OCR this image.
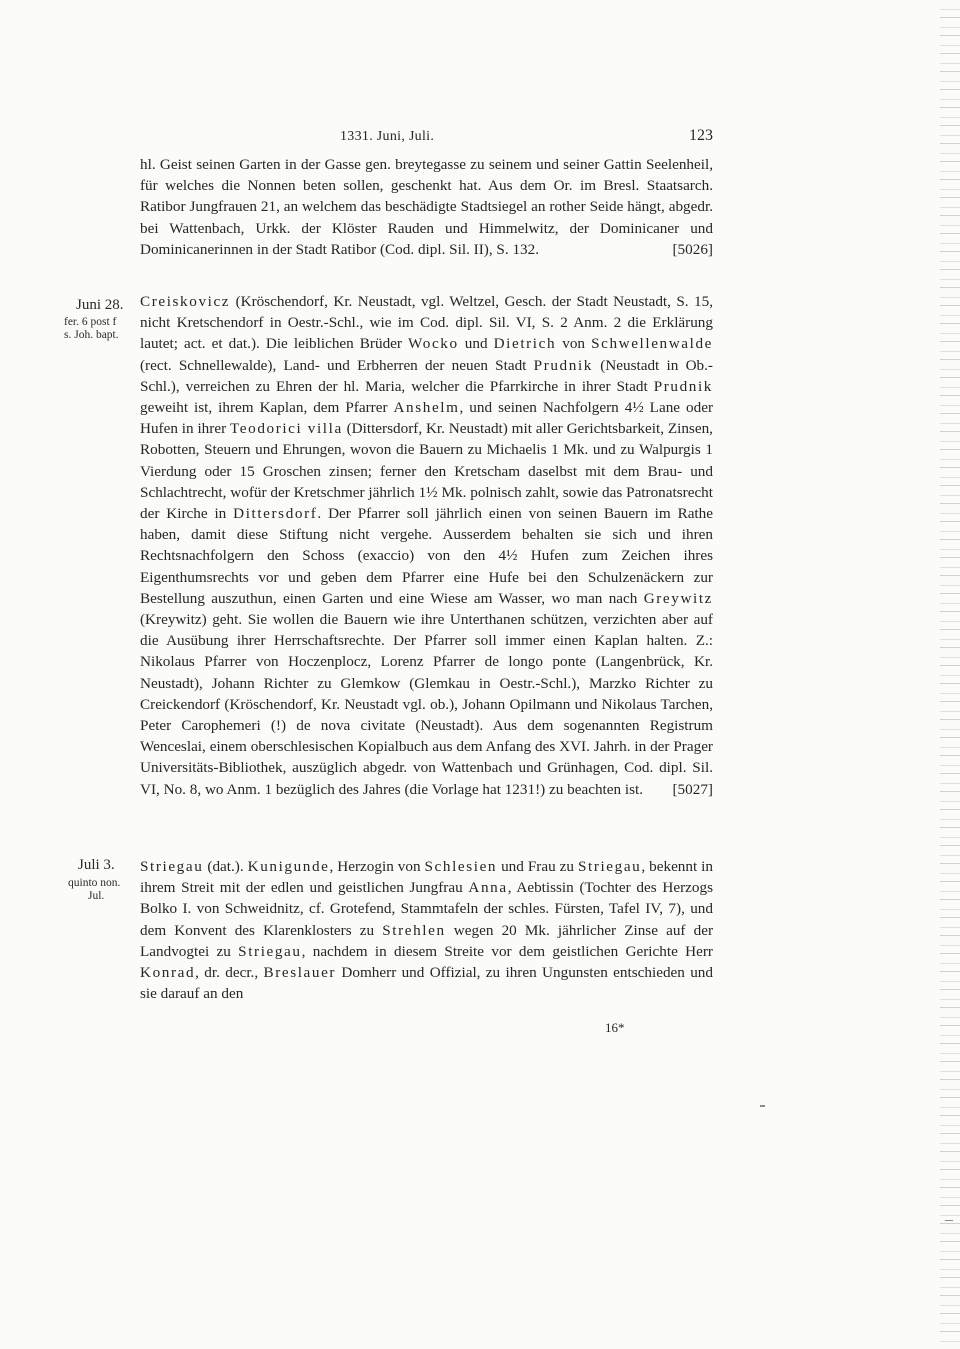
1331. Juni, Juli.	123

hl. Geist seinen Garten in der Gasse gen. breytegasse zu seinem und seiner Gattin Seelenheil, für welches die Nonnen beten sollen, geschenkt hat. Aus dem Or. im Bresl. Staatsarch. Ratibor Jungfrauen 21, an welchem das beschädigte Stadtsiegel an rother Seide hängt, abgedr. bei Wattenbach, Urkk. der Klöster Rauden und Himmelwitz, der Dominicaner und Dominicanerinnen in der Stadt Ratibor (Cod. dipl. Sil. II), S. 132.	[5026]

Juni 28.
fer. 6 post f
s. Joh. bapt.

Creiskovicz (Kröschendorf, Kr. Neustadt, vgl. Weltzel, Gesch. der Stadt Neustadt, S. 15, nicht Kretschendorf in Oestr.-Schl., wie im Cod. dipl. Sil. VI, S. 2 Anm. 2 die Erklärung lautet; act. et dat.). Die leiblichen Brüder Wocko und Dietrich von Schwellenwalde (rect. Schnellewalde), Land- und Erbherren der neuen Stadt Prudnik (Neustadt in Ob.-Schl.), verreichen zu Ehren der hl. Maria, welcher die Pfarrkirche in ihrer Stadt Prudnik geweiht ist, ihrem Kaplan, dem Pfarrer Anshelm, und seinen Nachfolgern 4½ Lane oder Hufen in ihrer Teodorici villa (Dittersdorf, Kr. Neustadt) mit aller Gerichtsbarkeit, Zinsen, Robotten, Steuern und Ehrungen, wovon die Bauern zu Michaelis 1 Mk. und zu Walpurgis 1 Vierdung oder 15 Groschen zinsen; ferner den Kretscham daselbst mit dem Brau- und Schlachtrecht, wofür der Kretschmer jährlich 1½ Mk. polnisch zahlt, sowie das Patronatsrecht der Kirche in Dittersdorf. Der Pfarrer soll jährlich einen von seinen Bauern im Rathe haben, damit diese Stiftung nicht vergehe. Ausserdem behalten sie sich und ihren Rechtsnachfolgern den Schoss (exaccio) von den 4½ Hufen zum Zeichen ihres Eigenthumsrechts vor und geben dem Pfarrer eine Hufe bei den Schulzenäckern zur Bestellung auszuthun, einen Garten und eine Wiese am Wasser, wo man nach Greywitz (Kreywitz) geht. Sie wollen die Bauern wie ihre Unterthanen schützen, verzichten aber auf die Ausübung ihrer Herrschaftsrechte. Der Pfarrer soll immer einen Kaplan halten. Z.: Nikolaus Pfarrer von Hoczenplocz, Lorenz Pfarrer de longo ponte (Langenbrück, Kr. Neustadt), Johann Richter zu Glemkow (Glemkau in Oestr.-Schl.), Marzko Richter zu Creickendorf (Kröschendorf, Kr. Neustadt vgl. ob.), Johann Opilmann und Nikolaus Tarchen, Peter Carophemeri (!) de nova civitate (Neustadt). Aus dem sogenannten Registrum Wenceslai, einem oberschlesischen Kopialbuch aus dem Anfang des XVI. Jahrh. in der Prager Universitäts-Bibliothek, auszüglich abgedr. von Wattenbach und Grünhagen, Cod. dipl. Sil. VI, No. 8, wo Anm. 1 bezüglich des Jahres (die Vorlage hat 1231!) zu beachten ist. [5027]

Juli 3.
quinto non.
Jul.

Striegau (dat.). Kunigunde, Herzogin von Schlesien und Frau zu Striegau, bekennt in ihrem Streit mit der edlen und geistlichen Jungfrau Anna, Aebtissin (Tochter des Herzogs Bolko I. von Schweidnitz, cf. Grotefend, Stammtafeln der schles. Fürsten, Tafel IV, 7), und dem Konvent des Klarenklosters zu Strehlen wegen 20 Mk. jährlicher Zinse auf der Landvogtei zu Striegau, nachdem in diesem Streite vor dem geistlichen Gerichte Herr Konrad, dr. decr., Breslauer Domherr und Offizial, zu ihren Ungunsten entschieden und sie darauf an den

16*
